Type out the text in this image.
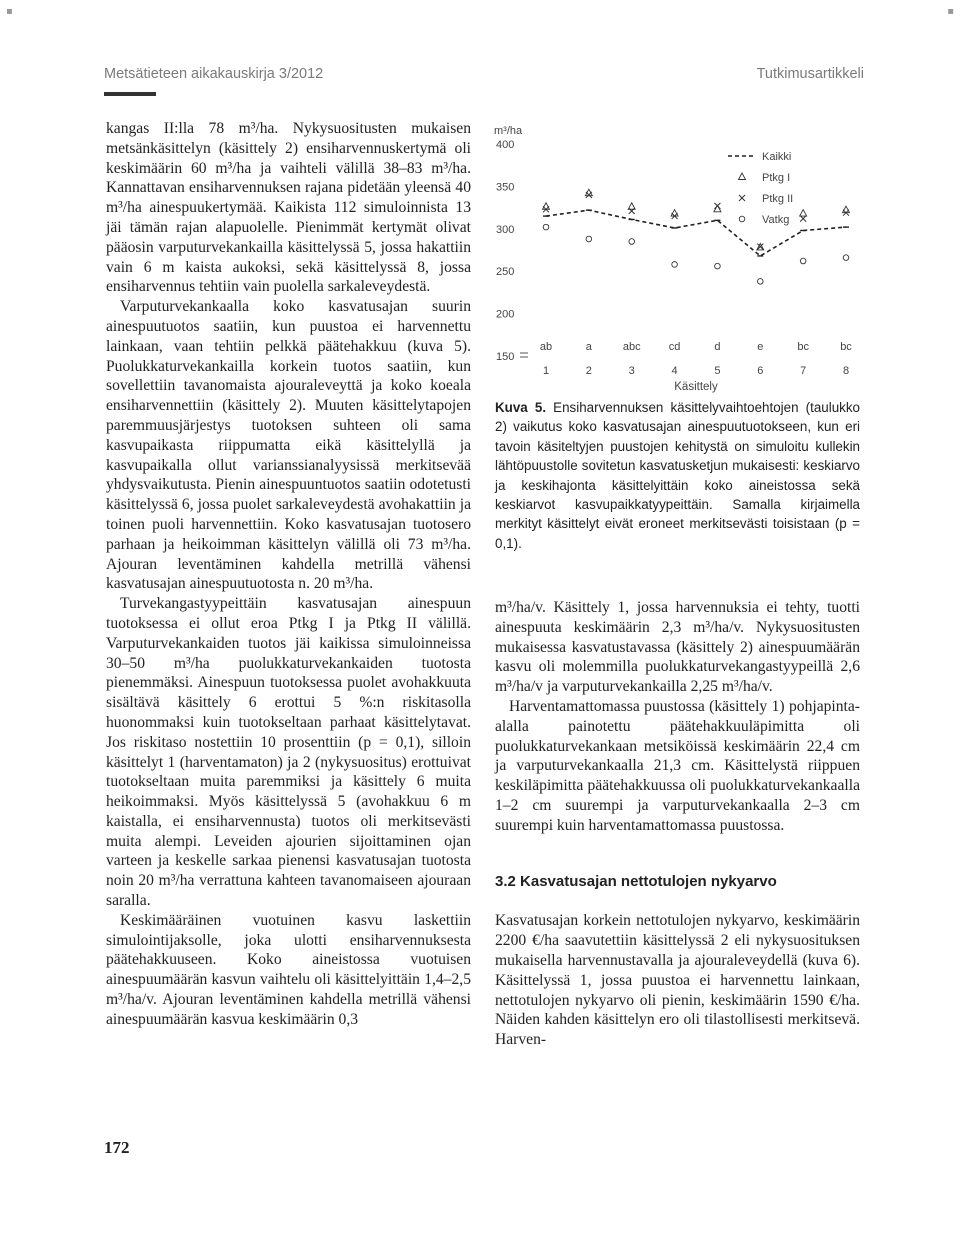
Metsätieteen aikakauskirja 3/2012	Tutkimusartikkeli
▪	▪

kangas II:lla 78 m³/ha. Nykysuositusten mukaisen metsänkäsittelyn (käsittely 2) ensiharvennuskertymä oli keskimäärin 60 m³/ha ja vaihteli välillä 38–83 m³/ha. Kannattavan ensiharvennuksen rajana pidetään yleensä 40 m³/ha ainespuukertymää. Kaikista 112 simuloinnista 13 jäi tämän rajan alapuolelle. Pienimmät kertymät olivat pääosin varputurvekankailla käsittelyssä 5, jossa hakattiin vain 6 m kaista aukoksi, sekä käsittelyssä 8, jossa ensiharvennus tehtiin vain puolella sarkaleveydestä.

Varputurvekankaalla koko kasvatusajan suurin ainespuutuotos saatiin, kun puustoa ei harvennettu lainkaan, vaan tehtiin pelkkä päätehakkuu (kuva 5). Puolukkaturvekankailla korkein tuotos saatiin, kun sovellettiin tavanomaista ajouraleveyttä ja koko koeala ensiharvennettiin (käsittely 2). Muuten käsittelytapojen paremmuusjärjestys tuotoksen suhteen oli sama kasvupaikasta riippumatta eikä käsittelyllä ja kasvupaikalla ollut varianssianalyysissä merkitsevää yhdysvaikutusta. Pienin ainespuuntuotos saatiin odotetusti käsittelyssä 6, jossa puolet sarkaleveydestä avohakattiin ja toinen puoli harvennettiin. Koko kasvatusajan tuotosero parhaan ja heikoimman käsittelyn välillä oli 73 m³/ha. Ajouran leventäminen kahdella metrillä vähensi kasvatusajan ainespuutuotosta n. 20 m³/ha.

Turvekangastyypeittäin kasvatusajan ainespuun tuotoksessa ei ollut eroa Ptkg I ja Ptkg II välillä. Varputurvekankaiden tuotos jäi kaikissa simuloinneissa 30–50 m³/ha puolukkaturvekankaiden tuotosta pienemmäksi. Ainespuun tuotoksessa puolet avohakkuuta sisältävä käsittely 6 erottui 5 %:n riskitasolla huonommaksi kuin tuotokseltaan parhaat käsittelytavat. Jos riskitaso nostettiin 10 prosenttiin (p = 0,1), silloin käsittelyt 1 (harventamaton) ja 2 (nykysuositus) erottuivat tuotokseltaan muita paremmiksi ja käsittely 6 muita heikoimmaksi. Myös käsittelyssä 5 (avohakkuu 6 m kaistalla, ei ensiharvennusta) tuotos oli merkitsevästi muita alempi. Leveiden ajourien sijoittaminen ojan varteen ja keskelle sarkaa pienensi kasvatusajan tuotosta noin 20 m³/ha verrattuna kahteen tavanomaiseen ajouraan saralla.

Keskimääräinen vuotuinen kasvu laskettiin simulointijaksolle, joka ulotti ensiharvennuksesta päätehakkuuseen. Koko aineistossa vuotuisen ainespuumäärän kasvun vaihtelu oli käsittelyittäin 1,4–2,5 m³/ha/v. Ajouran leventäminen kahdella metrillä vähensi ainespuumäärän kasvua keskimäärin 0,3

m³/ha
150
200
250
300
350
400
ab	a	abc	cd	d	e	bc	bc
1	2	3	4	5	6	7	8
Käsittely
Kaikki
Ptkg I
Ptkg II
Vatkg
Kuva 5. Ensiharvennuksen käsittelyvaihtoehtojen (taulukko 2) vaikutus koko kasvatusajan ainespuutuotokseen, kun eri tavoin käsiteltyjen puustojen kehitystä on simuloitu kullekin lähtöpuustolle sovitetun kasvatusketjun mukaisesti: keskiarvo ja keskihajonta käsittelyittäin koko aineistossa sekä keskiarvot kasvupaikkatyypeittäin. Samalla kirjaimella merkityt käsittelyt eivät eroneet merkitsevästi toisistaan (p = 0,1).

m³/ha/v. Käsittely 1, jossa harvennuksia ei tehty, tuotti ainespuuta keskimäärin 2,3 m³/ha/v. Nykysuositusten mukaisessa kasvatustavassa (käsittely 2) ainespuumäärän kasvu oli molemmilla puolukkaturvekangastyypeillä 2,6 m³/ha/v ja varputurvekankailla 2,25 m³/ha/v.

Harventamattomassa puustossa (käsittely 1) pohjapinta-alalla painotettu päätehakkuuläpimitta oli puolukkaturvekankaan metsiköissä keskimäärin 22,4 cm ja varputurvekankaalla 21,3 cm. Käsittelystä riippuen keskiläpimitta päätehakkuussa oli puolukkaturvekankaalla 1–2 cm suurempi ja varputurvekankaalla 2–3 cm suurempi kuin harventamattomassa puustossa.

3.2 Kasvatusajan nettotulojen nykyarvo

Kasvatusajan korkein nettotulojen nykyarvo, keskimäärin 2200 €/ha saavutettiin käsittelyssä 2 eli nykysuosituksen mukaisella harvennustavalla ja ajouraleveydellä (kuva 6). Käsittelyssä 1, jossa puustoa ei harvennettu lainkaan, nettotulojen nykyarvo oli pienin, keskimäärin 1590 €/ha. Näiden kahden käsittelyn ero oli tilastollisesti merkitsevä. Harven-

172
